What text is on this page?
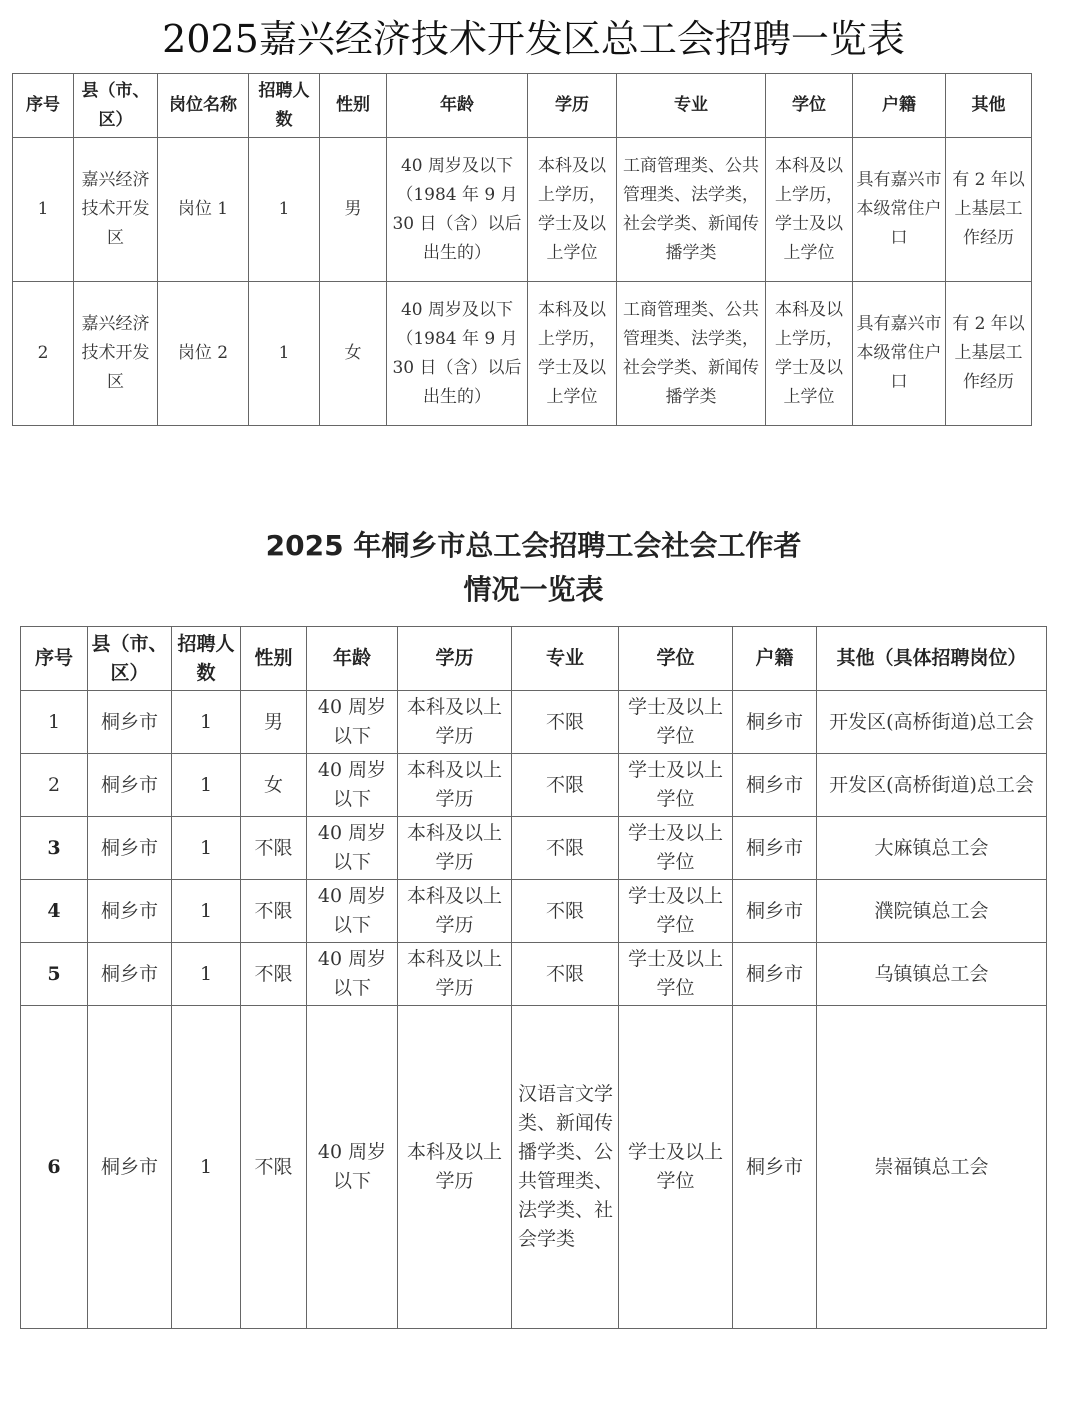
2025嘉兴经济技术开发区总工会招聘一览表
序号	县（市、区）	岗位名称	招聘人数	性别	年龄	学历	专业	学位	户籍	其他
1	嘉兴经济技术开发区	岗位 1	1	男	40 周岁及以下（1984 年 9 月 30 日（含）以后出生的）	本科及以上学历，学士及以上学位	工商管理类、公共管理类、法学类，社会学类、新闻传播学类	本科及以上学历，学士及以上学位	具有嘉兴市本级常住户口	有 2 年以上基层工作经历
2	嘉兴经济技术开发区	岗位 2	1	女	40 周岁及以下（1984 年 9 月 30 日（含）以后出生的）	本科及以上学历，学士及以上学位	工商管理类、公共管理类、法学类，社会学类、新闻传播学类	本科及以上学历，学士及以上学位	具有嘉兴市本级常住户口	有 2 年以上基层工作经历
2025 年桐乡市总工会招聘工会社会工作者
情况一览表
序号	县（市、区）	招聘人数	性别	年龄	学历	专业	学位	户籍	其他（具体招聘岗位）
1	桐乡市	1	男	40 周岁以下	本科及以上学历	不限	学士及以上学位	桐乡市	开发区(高桥街道)总工会
2	桐乡市	1	女	40 周岁以下	本科及以上学历	不限	学士及以上学位	桐乡市	开发区(高桥街道)总工会
3	桐乡市	1	不限	40 周岁以下	本科及以上学历	不限	学士及以上学位	桐乡市	大麻镇总工会
4	桐乡市	1	不限	40 周岁以下	本科及以上学历	不限	学士及以上学位	桐乡市	濮院镇总工会
5	桐乡市	1	不限	40 周岁以下	本科及以上学历	不限	学士及以上学位	桐乡市	乌镇镇总工会
6	桐乡市	1	不限	40 周岁以下	本科及以上学历	汉语言文学类、新闻传播学类、公共管理类、法学类、社会学类	学士及以上学位	桐乡市	崇福镇总工会
